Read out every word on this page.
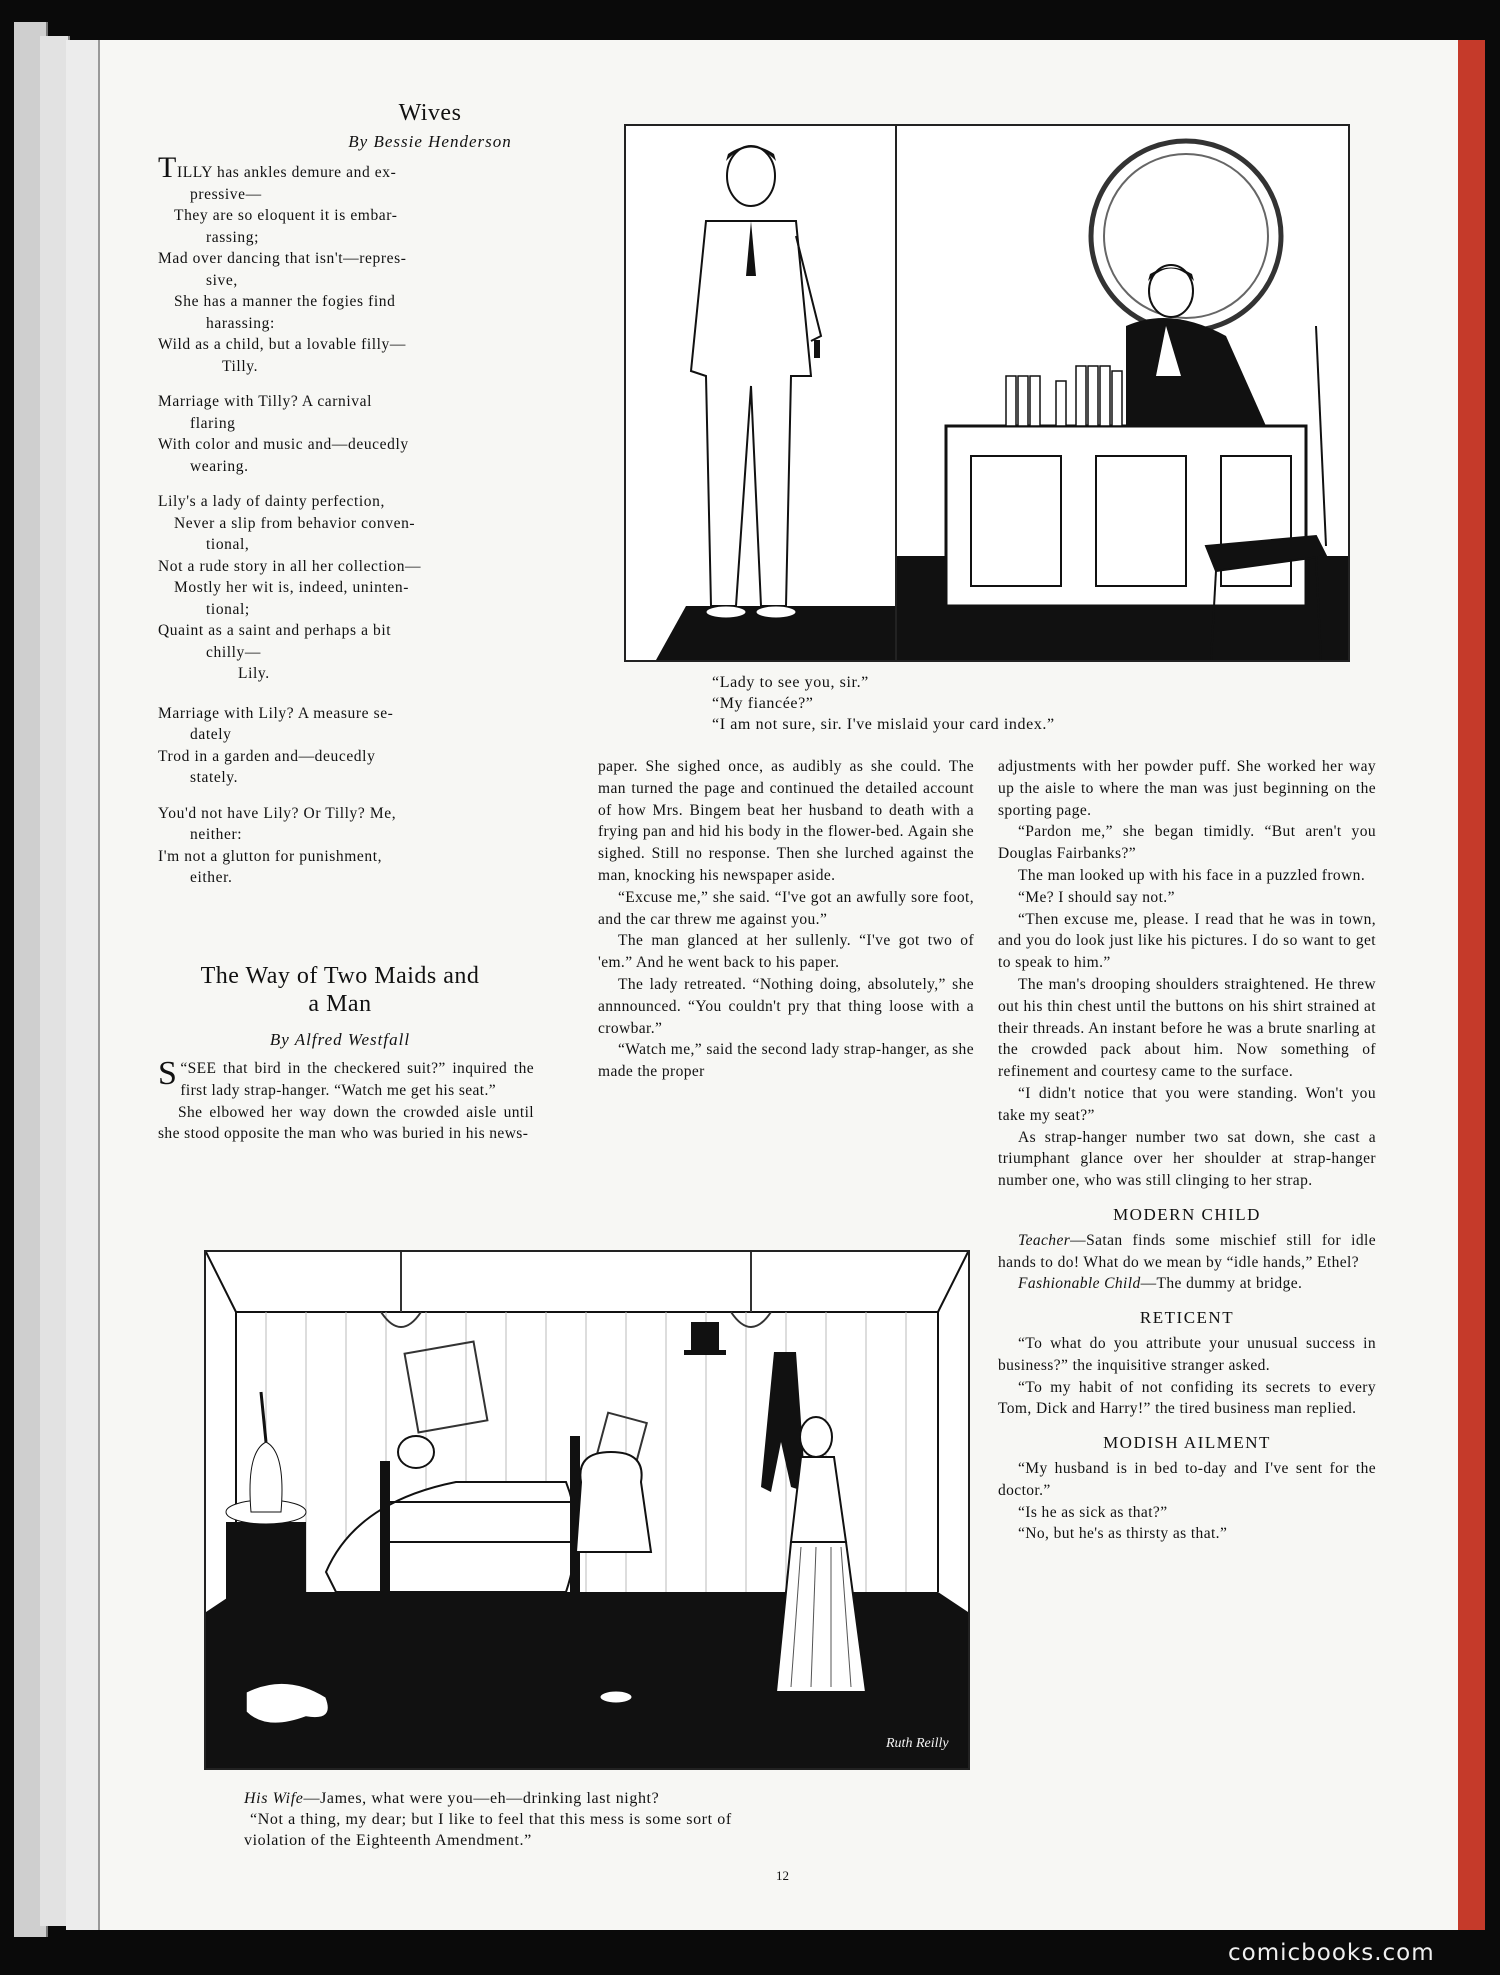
Wives
By Bessie Henderson
TILLY has ankles demure and ex-
pressive—
They are so eloquent it is embar-
rassing;
Mad over dancing that isn't—repres-
sive,
She has a manner the fogies find
harassing:
Wild as a child, but a lovable filly—
Tilly.
Marriage with Tilly? A carnival
flaring
With color and music and—deucedly
wearing.
Lily's a lady of dainty perfection,
Never a slip from behavior conven-
tional,
Not a rude story in all her collection—
Mostly her wit is, indeed, uninten-
tional;
Quaint as a saint and perhaps a bit
chilly—
Lily.
Marriage with Lily? A measure se-
dately
Trod in a garden and—deucedly
stately.
You'd not have Lily? Or Tilly? Me,
neither:
I'm not a glutton for punishment,
either.
The Way of Two Maids and
a Man
By Alfred Westfall

S “SEE that bird in the checkered suit?” inquired the first lady strap-hanger. “Watch me get his seat.”

She elbowed her way down the crowded aisle until she stood opposite the man who was buried in his news-

paper. She sighed once, as audibly as she could. The man turned the page and continued the detailed account of how Mrs. Bingem beat her husband to death with a frying pan and hid his body in the flower-bed. Again she sighed. Still no response. Then she lurched against the man, knocking his newspaper aside.

“Excuse me,” she said. “I've got an awfully sore foot, and the car threw me against you.”

The man glanced at her sullenly. “I've got two of 'em.” And he went back to his paper.

The lady retreated. “Nothing doing, absolutely,” she annnounced. “You couldn't pry that thing loose with a crowbar.”

“Watch me,” said the second lady strap-hanger, as she made the proper

adjustments with her powder puff. She worked her way up the aisle to where the man was just beginning on the sporting page.

“Pardon me,” she began timidly. “But aren't you Douglas Fairbanks?”

The man looked up with his face in a puzzled frown.

“Me? I should say not.”

“Then excuse me, please. I read that he was in town, and you do look just like his pictures. I do so want to get to speak to him.”

The man's drooping shoulders straightened. He threw out his thin chest until the buttons on his shirt strained at their threads. An instant before he was a brute snarling at the crowded pack about him. Now something of refinement and courtesy came to the surface.

“I didn't notice that you were standing. Won't you take my seat?”

As strap-hanger number two sat down, she cast a triumphant glance over her shoulder at strap-hanger number one, who was still clinging to her strap.

MODERN CHILD

Teacher—Satan finds some mischief still for idle hands to do! What do we mean by “idle hands,” Ethel?

Fashionable Child—The dummy at bridge.

RETICENT

“To what do you attribute your unusual success in business?” the inquisitive stranger asked.

“To my habit of not confiding its secrets to every Tom, Dick and Harry!” the tired business man replied.

MODISH AILMENT

“My husband is in bed to-day and I've sent for the doctor.”

“Is he as sick as that?”

“No, but he's as thirsty as that.”

“Lady to see you, sir.”
“My fiancée?”
“I am not sure, sir. I've mislaid your card index.”
Ruth Reilly
His Wife—James, what were you—eh—drinking last night?
“Not a thing, my dear; but I like to feel that this mess is some sort of
violation of the Eighteenth Amendment.”
12
comicbooks.com
